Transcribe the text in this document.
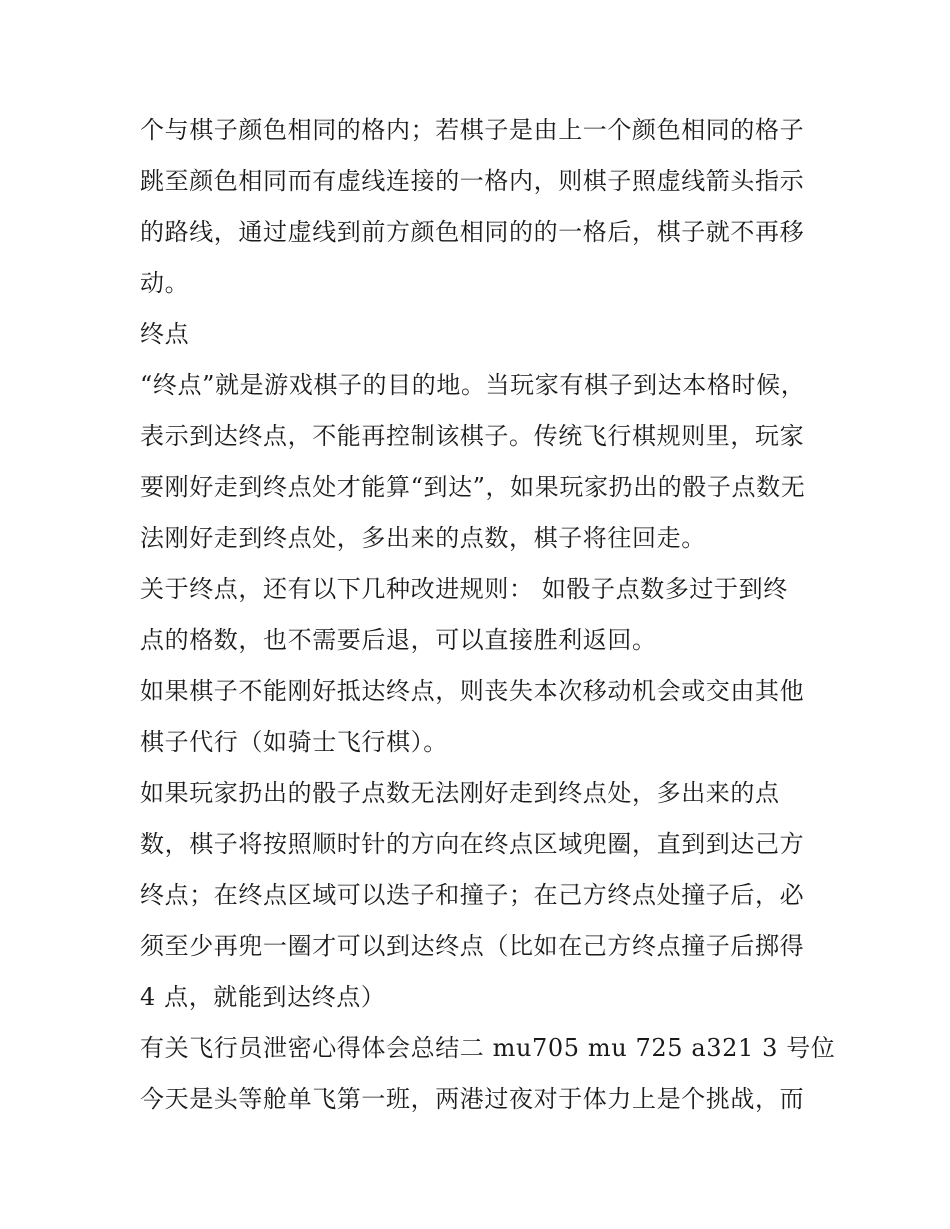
个与棋子颜色相同的格内；若棋子是由上一个颜色相同的格子
跳至颜色相同而有虚线连接的一格内，则棋子照虚线箭头指示
的路线，通过虚线到前方颜色相同的的一格后，棋子就不再移
动。
终点
“终点”就是游戏棋子的目的地。当玩家有棋子到达本格时候，
表示到达终点，不能再控制该棋子。传统飞行棋规则里，玩家
要刚好走到终点处才能算“到达”，如果玩家扔出的骰子点数无
法刚好走到终点处，多出来的点数，棋子将往回走。
关于终点，还有以下几种改进规则： 如骰子点数多过于到终
点的格数，也不需要后退，可以直接胜利返回。
如果棋子不能刚好抵达终点，则丧失本次移动机会或交由其他
棋子代行（如骑士飞行棋）。
如果玩家扔出的骰子点数无法刚好走到终点处，多出来的点
数，棋子将按照顺时针的方向在终点区域兜圈，直到到达己方
终点；在终点区域可以迭子和撞子；在己方终点处撞子后，必
须至少再兜一圈才可以到达终点（比如在己方终点撞子后掷得
4 点，就能到达终点）
有关飞行员泄密心得体会总结二 mu705 mu 725 a321 3 号位
今天是头等舱单飞第一班，两港过夜对于体力上是个挑战，而
